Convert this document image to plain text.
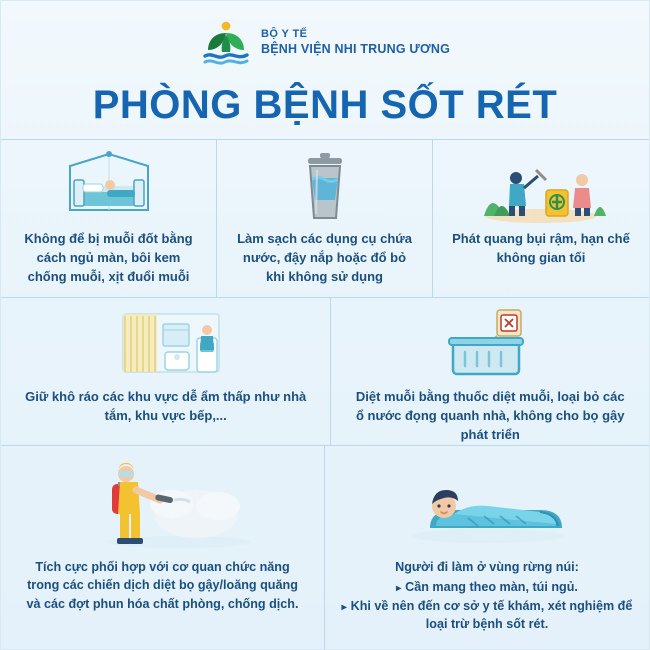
BỘ Y TẾ
BỆNH VIỆN NHI TRUNG ƯƠNG
PHÒNG BỆNH SỐT RÉT
Không để bị muỗi đốt bằng cách ngủ màn, bôi kem chống muỗi, xịt đuổi muỗi
Làm sạch các dụng cụ chứa nước, đậy nắp hoặc đổ bỏ khi không sử dụng
Phát quang bụi rậm, hạn chế không gian tối
Giữ khô ráo các khu vực dễ ẩm thấp như nhà tắm, khu vực bếp,...
Diệt muỗi bằng thuốc diệt muỗi, loại bỏ các ổ nước đọng quanh nhà, không cho bọ gậy phát triển
Tích cực phối hợp với cơ quan chức năng trong các chiến dịch diệt bọ gậy/loăng quăng và các đợt phun hóa chất phòng, chống dịch.
Người đi làm ở vùng rừng núi:
▸ Cần mang theo màn, túi ngủ.
▸ Khi về nên đến cơ sở y tế khám, xét nghiệm để loại trừ bệnh sốt rét.
